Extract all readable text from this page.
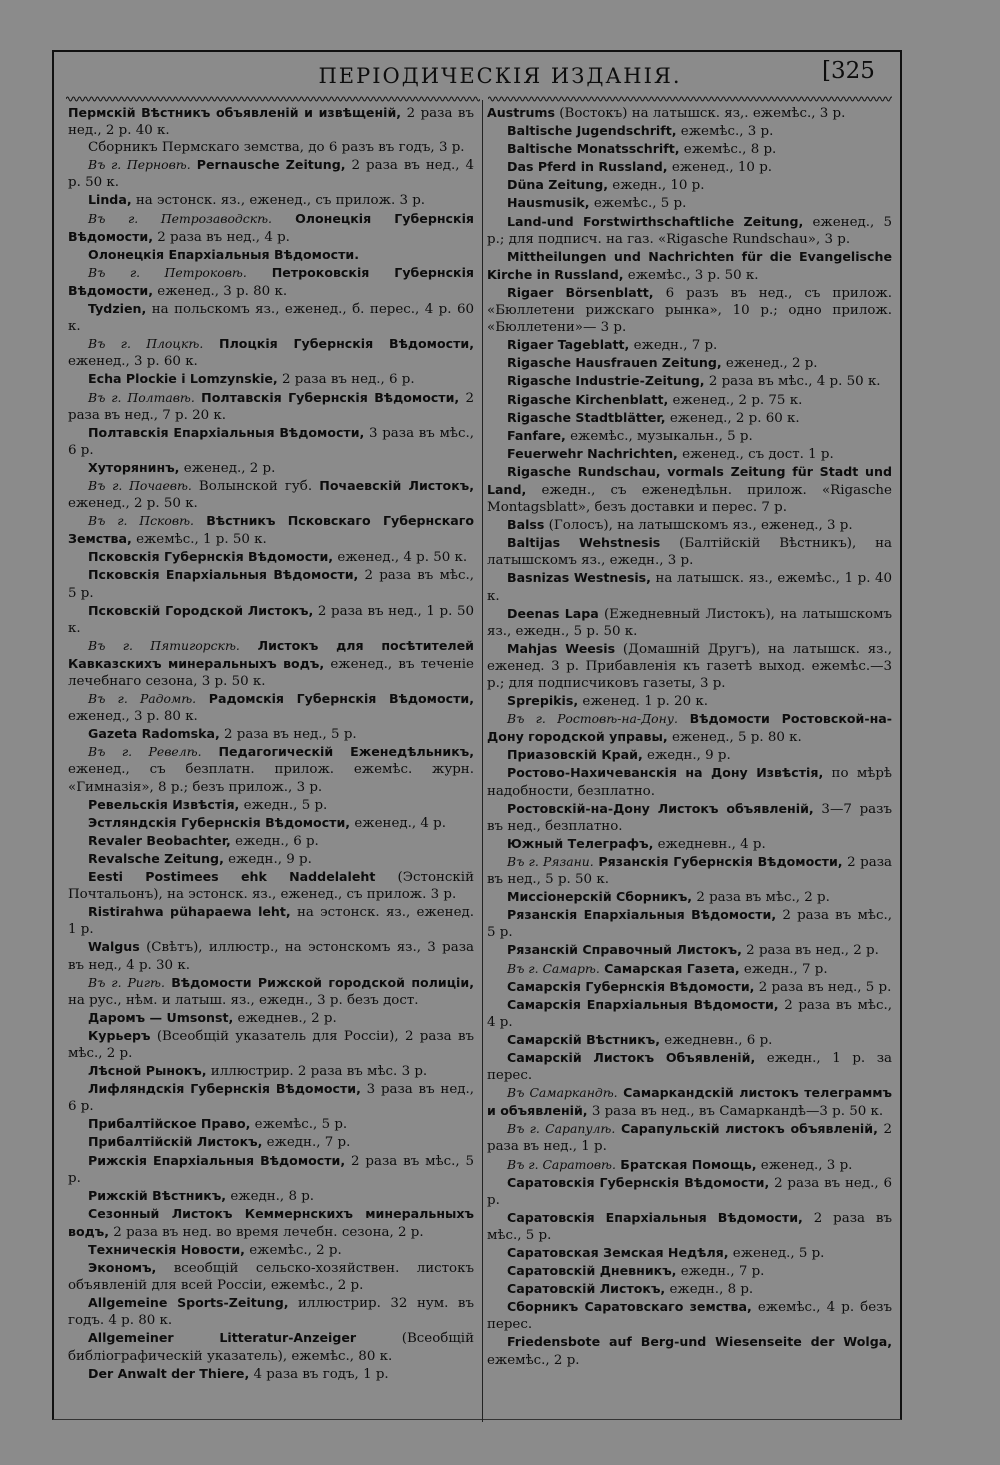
ПЕРІОДИЧЕСКІЯ ИЗДАНІЯ.	[325

Пермскій Вѣстникъ объявленій и извѣщеній, 2 раза въ нед., 2 р. 40 к.

Сборникъ Пермскаго земства, до 6 разъ въ годъ, 3 р.

Въ г. Перновѣ. Pernausche Zeitung, 2 раза въ нед., 4 р. 50 к.

Linda, на эстонск. яз., еженед., съ прилож. 3 р.

Въ г. Петрозаводскѣ. Олонецкія Губернскія Вѣдомости, 2 раза въ нед., 4 р.

Олонецкія Епархіальныя Вѣдомости.

Въ г. Петроковѣ. Петроковскія Губернскія Вѣдомости, еженед., 3 р. 80 к.

Tydzien, на польскомъ яз., еженед., б. перес., 4 р. 60 к.

Въ г. Плоцкѣ. Плоцкія Губернскія Вѣдомости, еженед., 3 р. 60 к.

Echa Plockie i Lomzynskie, 2 раза въ нед., 6 р.

Въ г. Полтавѣ. Полтавскія Губернскія Вѣдомости, 2 раза въ нед., 7 р. 20 к.

Полтавскія Епархіальныя Вѣдомости, 3 раза въ мѣс., 6 р.

Хуторянинъ, еженед., 2 р.

Въ г. Почаевѣ. Волынской губ. Почаевскій Листокъ, еженед., 2 р. 50 к.

Въ г. Псковѣ. Вѣстникъ Псковскаго Губернскаго Земства, ежемѣс., 1 р. 50 к.

Псковскія Губернскія Вѣдомости, еженед., 4 р. 50 к.

Псковскія Епархіальныя Вѣдомости, 2 раза въ мѣс., 5 р.

Псковскій Городской Листокъ, 2 раза въ нед., 1 р. 50 к.

Въ г. Пятигорскѣ. Листокъ для посѣтителей Кавказскихъ минеральныхъ водъ, еженед., въ теченіе лечебнаго сезона, 3 р. 50 к.

Въ г. Радомѣ. Радомскія Губернскія Вѣдомости, еженед., 3 р. 80 к.

Gazeta Radomska, 2 раза въ нед., 5 р.

Въ г. Ревелѣ. Педагогическій Еженедѣльникъ, еженед., съ безплатн. прилож. ежемѣс. журн. «Гимназія», 8 р.; безъ прилож., 3 р.

Ревельскія Извѣстія, ежедн., 5 р.

Эстляндскія Губернскія Вѣдомости, еженед., 4 р.

Revaler Beobachter, ежедн., 6 р.

Revalsche Zeitung, ежедн., 9 р.

Eesti Postimees ehk Naddelaleht (Эстонскій Почтальонъ), на эстонск. яз., еженед., съ прилож. 3 р.

Ristirahwa pühapaewa leht, на эстонск. яз., еженед. 1 р.

Walgus (Свѣтъ), иллюстр., на эстонскомъ яз., 3 раза въ нед., 4 р. 30 к.

Въ г. Ригѣ. Вѣдомости Рижской городской полиціи, на рус., нѣм. и латыш. яз., ежедн., 3 р. безъ дост.

Даромъ — Umsonst, ежеднев., 2 р.

Курьеръ (Всеобщій указатель для Россіи), 2 раза въ мѣс., 2 р.

Лѣсной Рынокъ, иллюстрир. 2 раза въ мѣс. 3 р.

Лифляндскія Губернскія Вѣдомости, 3 раза въ нед., 6 р.

Прибалтійское Право, ежемѣс., 5 р.

Прибалтійскій Листокъ, ежедн., 7 р.

Рижскія Епархіальныя Вѣдомости, 2 раза въ мѣс., 5 р.

Рижскій Вѣстникъ, ежедн., 8 р.

Сезонный Листокъ Кеммернскихъ минеральныхъ водъ, 2 раза въ нед. во время лечебн. сезона, 2 р.

Техническія Новости, ежемѣс., 2 р.

Экономъ, всеобщій сельско-хозяйствен. листокъ объявленій для всей Россіи, ежемѣс., 2 р.

Allgemeine Sports-Zeitung, иллюстрир. 32 нум. въ годъ. 4 р. 80 к.

Allgemeiner Litteratur-Anzeiger (Всеобщій библіографическій указатель), ежемѣс., 80 к.

Der Anwalt der Thiere, 4 раза въ годъ, 1 р.

Austrums (Востокъ) на латышск. яз,. ежемѣс., 3 р.

Baltische Jugendschrift, ежемѣс., 3 р.

Baltische Monatsschrift, ежемѣс., 8 р.

Das Pferd in Russland, еженед., 10 р.

Düna Zeitung, ежедн., 10 р.

Hausmusik, ежемѣс., 5 р.

Land-und Forstwirthschaftliche Zeitung, еженед., 5 р.; для подписч. на газ. «Rigasche Rundschau», 3 р.

Mittheilungen und Nachrichten für die Evangelische Kirche in Russland, ежемѣс., 3 р. 50 к.

Rigaer Börsenblatt, 6 разъ въ нед., съ прилож. «Бюллетени рижскаго рынка», 10 р.; одно прилож. «Бюллетени»— 3 р.

Rigaer Tageblatt, ежедн., 7 р.

Rigasche Hausfrauen Zeitung, еженед., 2 р.

Rigasche Industrie-Zeitung, 2 раза въ мѣс., 4 р. 50 к.

Rigasche Kirchenblatt, еженед., 2 р. 75 к.

Rigasche Stadtblätter, еженед., 2 р. 60 к.

Fanfare, ежемѣс., музыкальн., 5 р.

Feuerwehr Nachrichten, еженед., съ дост. 1 р.

Rigasche Rundschau, vormals Zeitung für Stadt und Land, ежедн., съ еженедѣльн. прилож. «Rigasche Montagsblatt», безъ доставки и перес. 7 р.

Balss (Голосъ), на латышскомъ яз., еженед., 3 р.

Baltijas Wehstnesis (Балтійскій Вѣстникъ), на латышскомъ яз., ежедн., 3 р.

Basnizas Westnesis, на латышск. яз., ежемѣс., 1 р. 40 к.

Deenas Lapa (Ежедневный Листокъ), на латышскомъ яз., ежедн., 5 р. 50 к.

Mahjas Weesis (Домашній Другъ), на латышск. яз., еженед. 3 р. Прибавленія къ газетѣ выход. ежемѣс.—3 р.; для подписчиковъ газеты, 3 р.

Sprepikis, еженед. 1 р. 20 к.

Въ г. Ростовѣ-на-Дону. Вѣдомости Ростовской-на-Дону городской управы, еженед., 5 р. 80 к.

Приазовскій Край, ежедн., 9 р.

Ростово-Нахичеванскія на Дону Извѣстія, по мѣрѣ надобности, безплатно.

Ростовскій-на-Дону Листокъ объявленій, 3—7 разъ въ нед., безплатно.

Южный Телеграфъ, ежедневн., 4 р.

Въ г. Рязани. Рязанскія Губернскія Вѣдомости, 2 раза въ нед., 5 р. 50 к.

Миссіонерскій Сборникъ, 2 раза въ мѣс., 2 р.

Рязанскія Епархіальныя Вѣдомости, 2 раза въ мѣс., 5 р.

Рязанскій Справочный Листокъ, 2 раза въ нед., 2 р.

Въ г. Самарѣ. Самарская Газета, ежедн., 7 р.

Самарскія Губернскія Вѣдомости, 2 раза въ нед., 5 р.

Самарскія Епархіальныя Вѣдомости, 2 раза въ мѣс., 4 р.

Самарскій Вѣстникъ, ежедневн., 6 р.

Самарскій Листокъ Объявленій, ежедн., 1 р. за перес.

Въ Самаркандѣ. Самаркандскій листокъ телеграммъ и объявленій, 3 раза въ нед., въ Самаркандѣ—3 р. 50 к.

Въ г. Сарапулѣ. Сарапульскій листокъ объявленій, 2 раза въ нед., 1 р.

Въ г. Саратовѣ. Братская Помощь, еженед., 3 р.

Саратовскія Губернскія Вѣдомости, 2 раза въ нед., 6 р.

Саратовскія Епархіальныя Вѣдомости, 2 раза въ мѣс., 5 р.

Саратовская Земская Недѣля, еженед., 5 р.

Саратовскій Дневникъ, ежедн., 7 р.

Саратовскій Листокъ, ежедн., 8 р.

Сборникъ Саратовскаго земства, ежемѣс., 4 р. безъ перес.

Friedensbote auf Berg-und Wiesenseite der Wolga, ежемѣс., 2 р.
